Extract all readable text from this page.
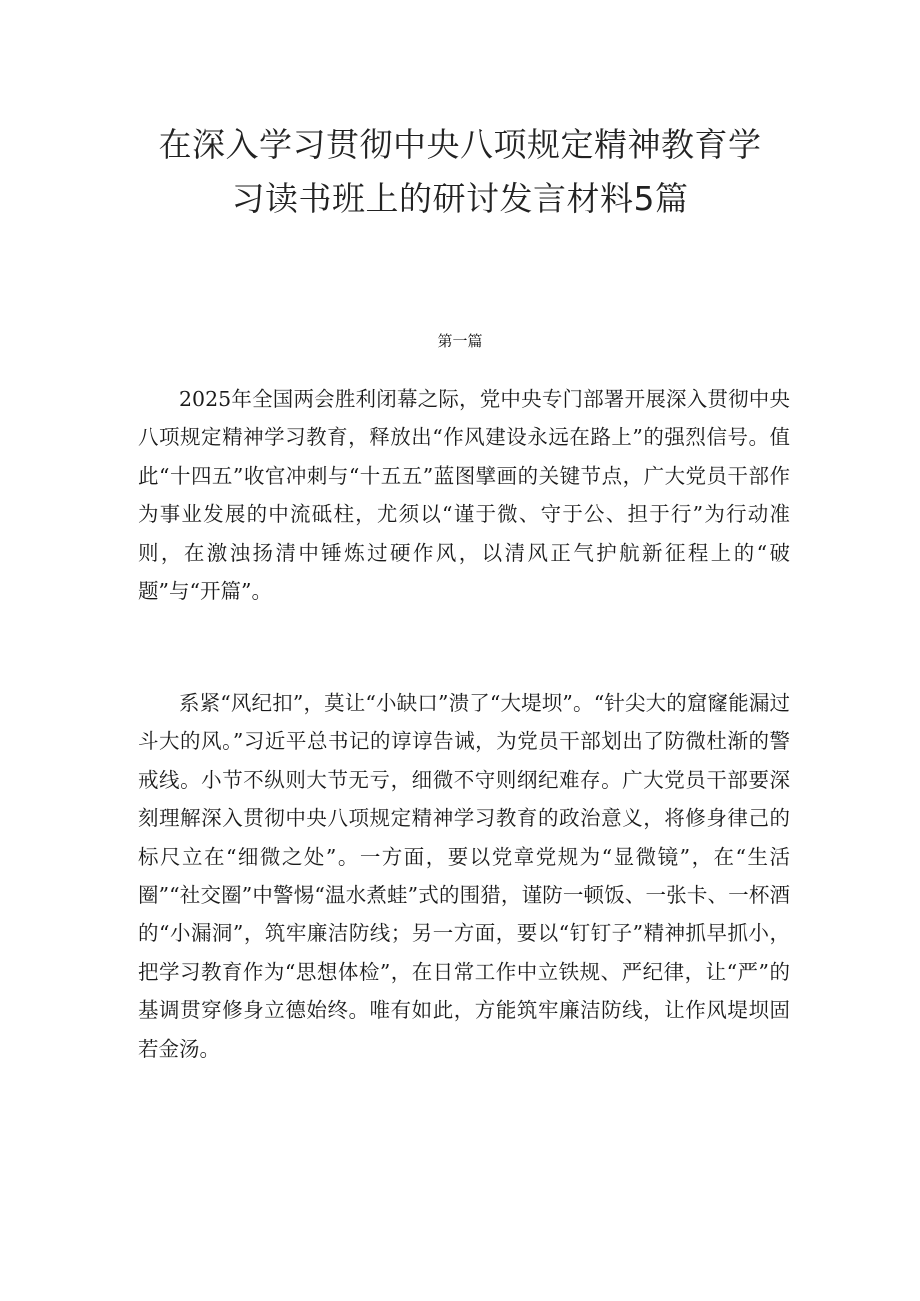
在深入学习贯彻中央八项规定精神教育学
习读书班上的研讨发言材料5篇
第一篇

2025年全国两会胜利闭幕之际，党中央专门部署开展深入贯彻中央八项规定精神学习教育，释放出“作风建设永远在路上”的强烈信号。值此“十四五”收官冲刺与“十五五”蓝图擘画的关键节点，广大党员干部作为事业发展的中流砥柱，尤须以“谨于微、守于公、担于行”为行动准则，在激浊扬清中锤炼过硬作风，以清风正气护航新征程上的“破题”与“开篇”。

系紧“风纪扣”，莫让“小缺口”溃了“大堤坝”。“针尖大的窟窿能漏过斗大的风。”习近平总书记的谆谆告诫，为党员干部划出了防微杜渐的警戒线。小节不纵则大节无亏，细微不守则纲纪难存。广大党员干部要深刻理解深入贯彻中央八项规定精神学习教育的政治意义，将修身律己的标尺立在“细微之处”。一方面，要以党章党规为“显微镜”，在“生活圈”“社交圈”中警惕“温水煮蛙”式的围猎，谨防一顿饭、一张卡、一杯酒的“小漏洞”，筑牢廉洁防线；另一方面，要以“钉钉子”精神抓早抓小，把学习教育作为“思想体检”，在日常工作中立铁规、严纪律，让“严”的基调贯穿修身立德始终。唯有如此，方能筑牢廉洁防线，让作风堤坝固若金汤。
